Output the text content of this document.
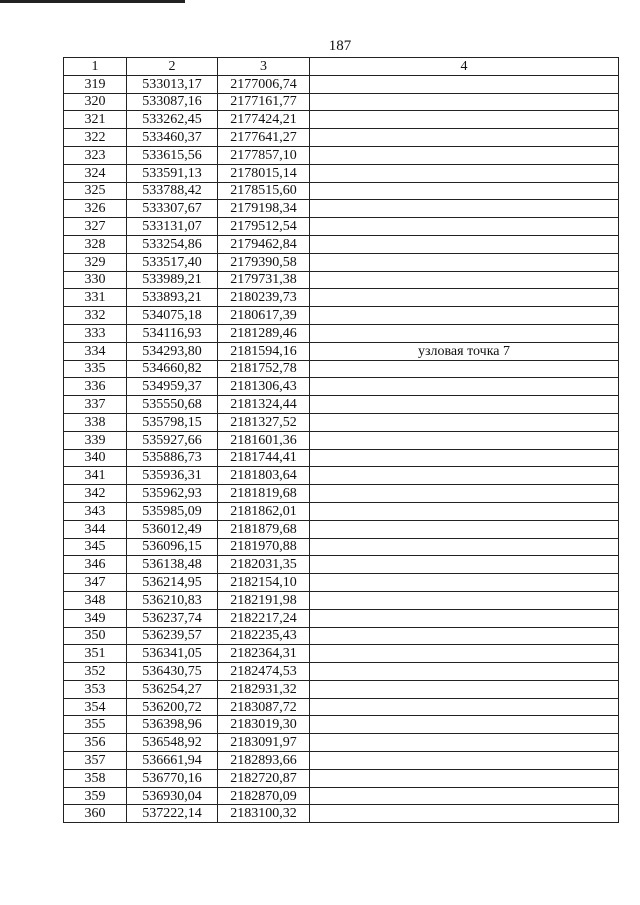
187
1	2	3	4
319	533013,17	2177006,74	
320	533087,16	2177161,77	
321	533262,45	2177424,21	
322	533460,37	2177641,27	
323	533615,56	2177857,10	
324	533591,13	2178015,14	
325	533788,42	2178515,60	
326	533307,67	2179198,34	
327	533131,07	2179512,54	
328	533254,86	2179462,84	
329	533517,40	2179390,58	
330	533989,21	2179731,38	
331	533893,21	2180239,73	
332	534075,18	2180617,39	
333	534116,93	2181289,46	
334	534293,80	2181594,16	узловая точка 7
335	534660,82	2181752,78	
336	534959,37	2181306,43	
337	535550,68	2181324,44	
338	535798,15	2181327,52	
339	535927,66	2181601,36	
340	535886,73	2181744,41	
341	535936,31	2181803,64	
342	535962,93	2181819,68	
343	535985,09	2181862,01	
344	536012,49	2181879,68	
345	536096,15	2181970,88	
346	536138,48	2182031,35	
347	536214,95	2182154,10	
348	536210,83	2182191,98	
349	536237,74	2182217,24	
350	536239,57	2182235,43	
351	536341,05	2182364,31	
352	536430,75	2182474,53	
353	536254,27	2182931,32	
354	536200,72	2183087,72	
355	536398,96	2183019,30	
356	536548,92	2183091,97	
357	536661,94	2182893,66	
358	536770,16	2182720,87	
359	536930,04	2182870,09	
360	537222,14	2183100,32	
